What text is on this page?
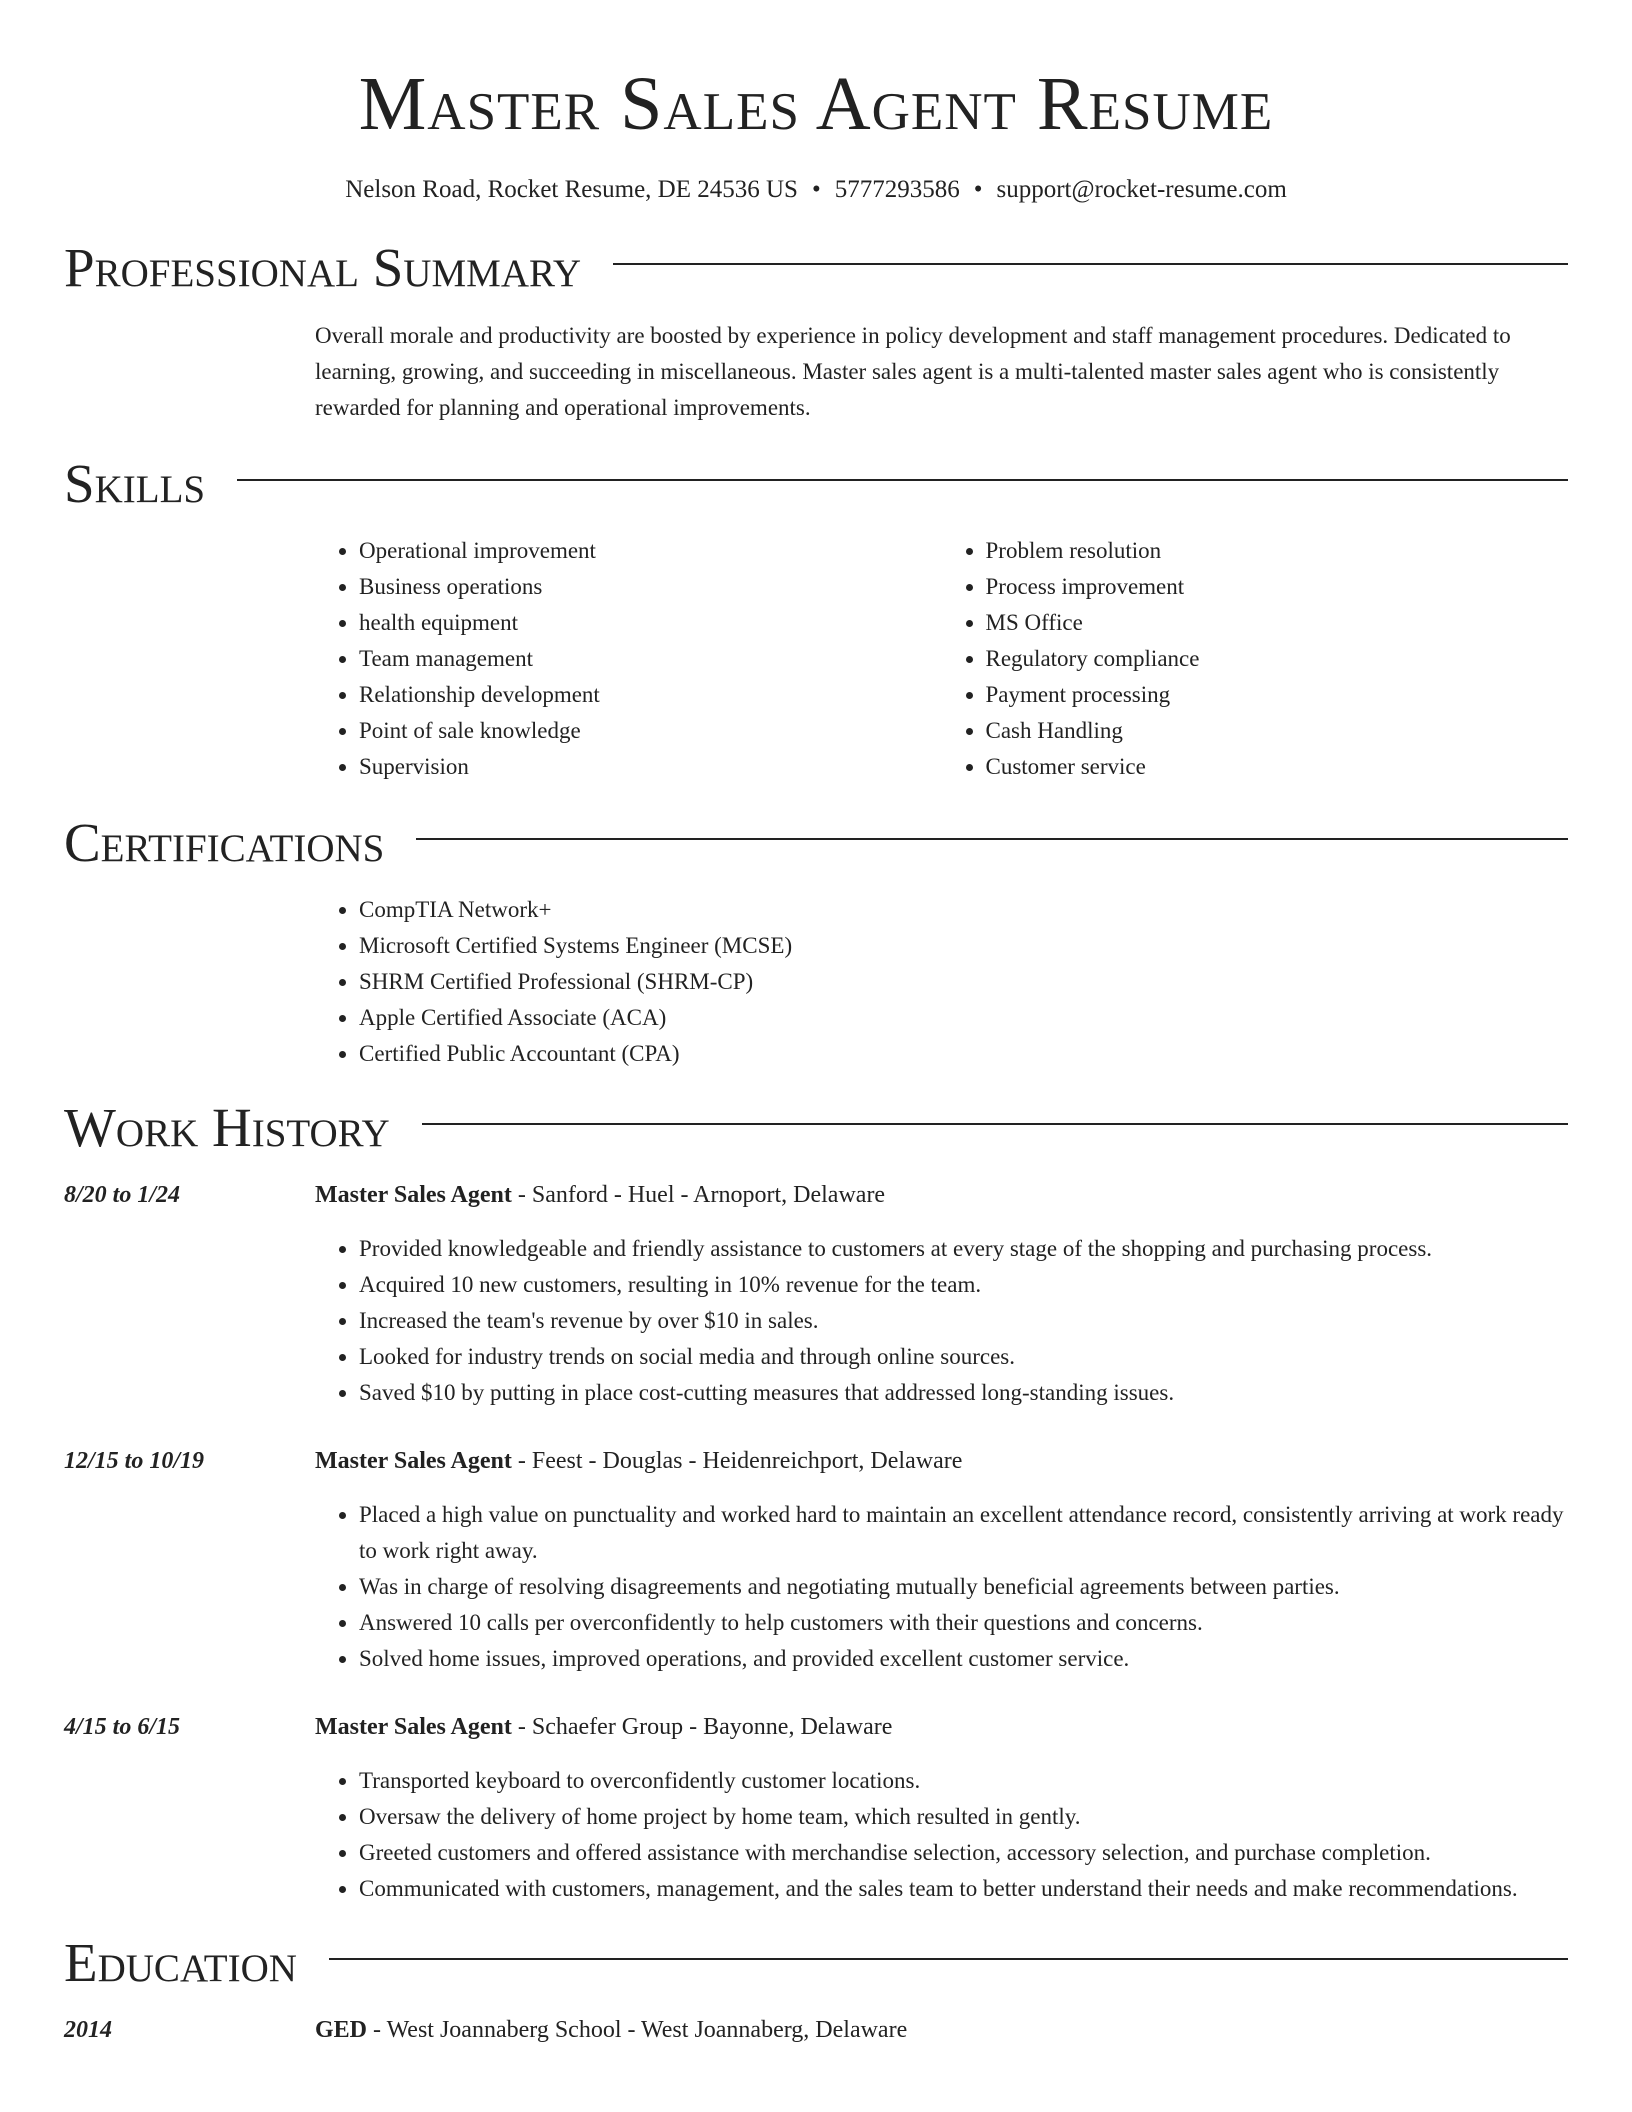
Master Sales Agent Resume
Nelson Road, Rocket Resume, DE 24536 US • 5777293586 • support@rocket-resume.com
Professional Summary

Overall morale and productivity are boosted by experience in policy development and staff management procedures. Dedicated to learning, growing, and succeeding in miscellaneous. Master sales agent is a multi-talented master sales agent who is consistently rewarded for planning and operational improvements.

Skills
• Operational improvement
• Business operations
• health equipment
• Team management
• Relationship development
• Point of sale knowledge
• Supervision
• Problem resolution
• Process improvement
• MS Office
• Regulatory compliance
• Payment processing
• Cash Handling
• Customer service
Certifications
• CompTIA Network+
• Microsoft Certified Systems Engineer (MCSE)
• SHRM Certified Professional (SHRM-CP)
• Apple Certified Associate (ACA)
• Certified Public Accountant (CPA)
Work History
8/20 to 1/24	Master Sales Agent - Sanford - Huel - Arnoport, Delaware
• Provided knowledgeable and friendly assistance to customers at every stage of the shopping and purchasing process.
• Acquired 10 new customers, resulting in 10% revenue for the team.
• Increased the team's revenue by over $10 in sales.
• Looked for industry trends on social media and through online sources.
• Saved $10 by putting in place cost-cutting measures that addressed long-standing issues.
12/15 to 10/19	Master Sales Agent - Feest - Douglas - Heidenreichport, Delaware
• Placed a high value on punctuality and worked hard to maintain an excellent attendance record, consistently arriving at work ready to work right away.
• Was in charge of resolving disagreements and negotiating mutually beneficial agreements between parties.
• Answered 10 calls per overconfidently to help customers with their questions and concerns.
• Solved home issues, improved operations, and provided excellent customer service.
4/15 to 6/15	Master Sales Agent - Schaefer Group - Bayonne, Delaware
• Transported keyboard to overconfidently customer locations.
• Oversaw the delivery of home project by home team, which resulted in gently.
• Greeted customers and offered assistance with merchandise selection, accessory selection, and purchase completion.
• Communicated with customers, management, and the sales team to better understand their needs and make recommendations.
Education
2014	GED - West Joannaberg School - West Joannaberg, Delaware
